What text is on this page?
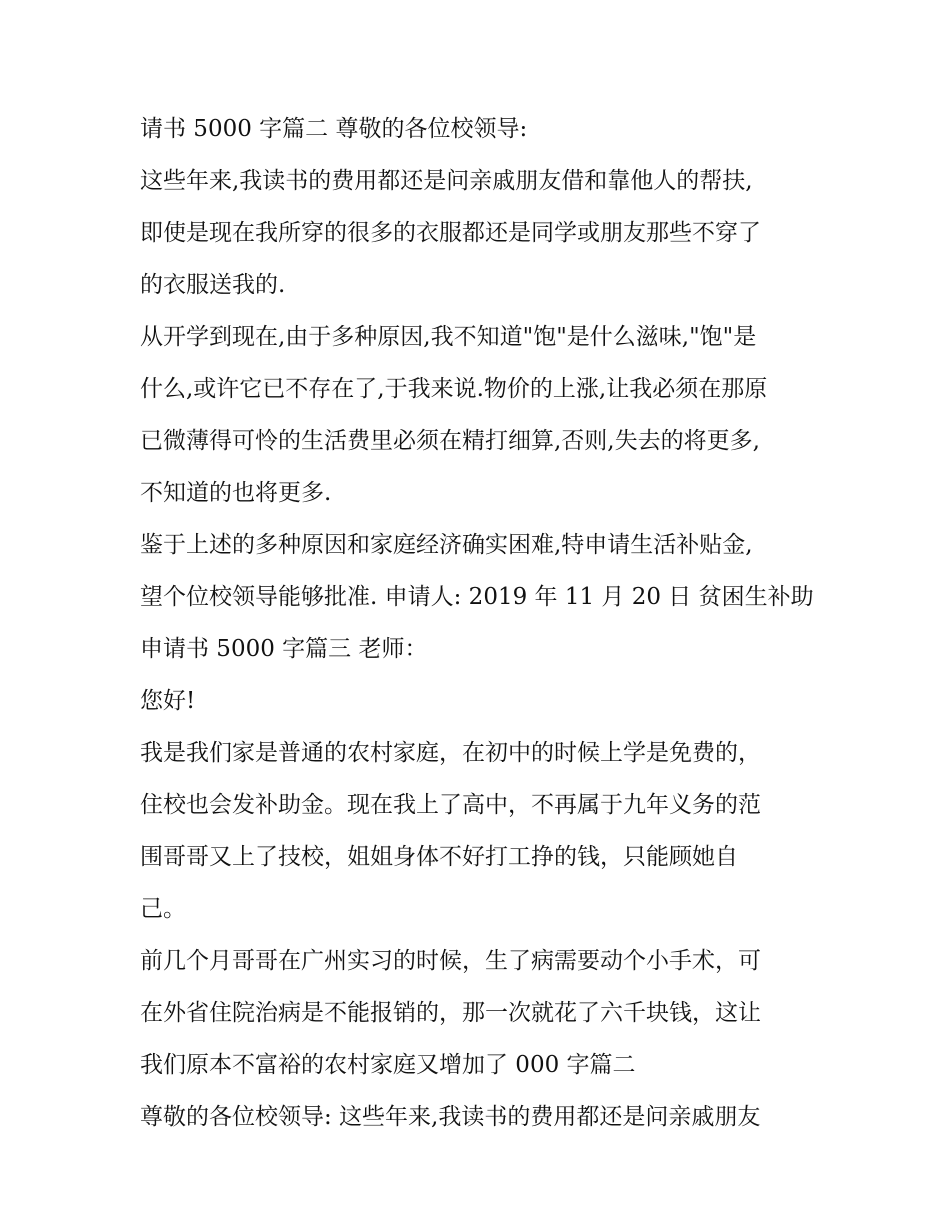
请书 5000 字篇二 尊敬的各位校领导:
这些年来,我读书的费用都还是问亲戚朋友借和靠他人的帮扶,
即使是现在我所穿的很多的衣服都还是同学或朋友那些不穿了
的衣服送我的.
从开学到现在,由于多种原因,我不知道"饱"是什么滋味,"饱"是
什么,或许它已不存在了,于我来说.物价的上涨,让我必须在那原
已微薄得可怜的生活费里必须在精打细算,否则,失去的将更多,
不知道的也将更多.
鉴于上述的多种原因和家庭经济确实困难,特申请生活补贴金,
望个位校领导能够批准. 申请人: 2019 年 11 月 20 日 贫困生补助
申请书 5000 字篇三 老师：
您好!
我是我们家是普通的农村家庭，在初中的时候上学是免费的，
住校也会发补助金。现在我上了高中，不再属于九年义务的范
围哥哥又上了技校，姐姐身体不好打工挣的钱，只能顾她自
己。
前几个月哥哥在广州实习的时候，生了病需要动个小手术，可
在外省住院治病是不能报销的，那一次就花了六千块钱，这让
我们原本不富裕的农村家庭又增加了 000 字篇二
尊敬的各位校领导: 这些年来,我读书的费用都还是问亲戚朋友
